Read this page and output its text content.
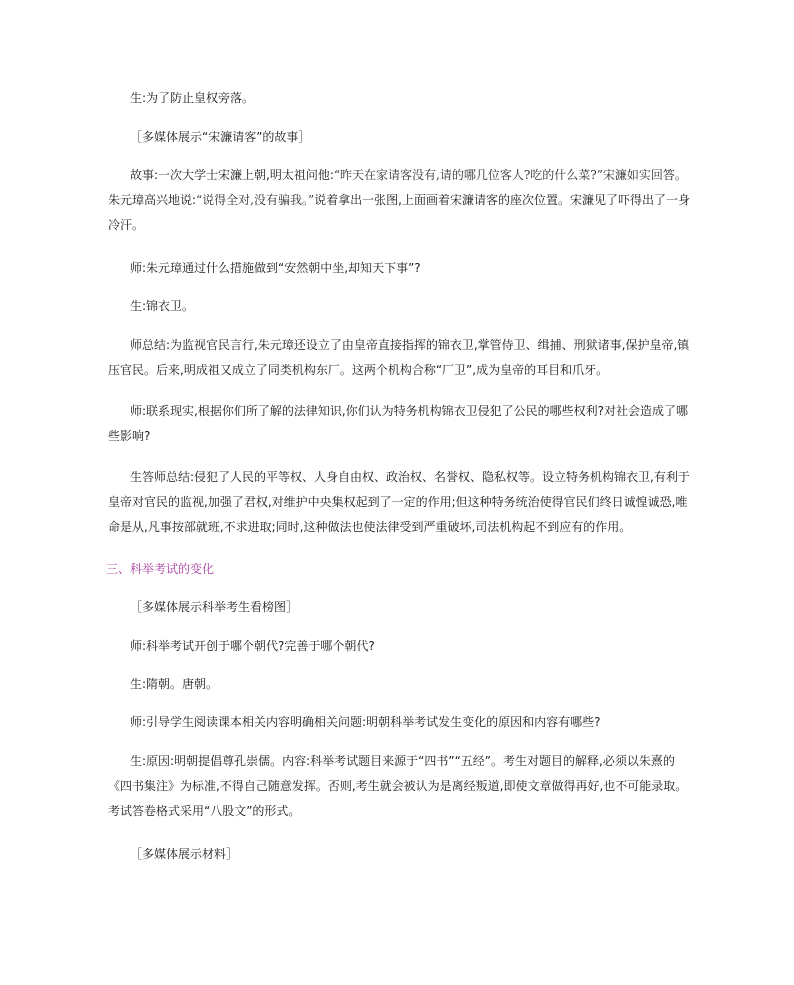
生:为了防止皇权旁落。

［多媒体展示“宋濂请客”的故事］

故事:一次大学士宋濂上朝,明太祖问他:“昨天在家请客没有,请的哪几位客人?吃的什么菜?”宋濂如实回答。朱元璋高兴地说:“说得全对,没有骗我。”说着拿出一张图,上面画着宋濂请客的座次位置。宋濂见了吓得出了一身冷汗。

师:朱元璋通过什么措施做到“安然朝中坐,却知天下事”?

生:锦衣卫。

师总结:为监视官民言行,朱元璋还设立了由皇帝直接指挥的锦衣卫,掌管侍卫、缉捕、刑狱诸事,保护皇帝,镇压官民。后来,明成祖又成立了同类机构东厂。这两个机构合称“厂卫”,成为皇帝的耳目和爪牙。

师:联系现实,根据你们所了解的法律知识,你们认为特务机构锦衣卫侵犯了公民的哪些权利?对社会造成了哪些影响?

生答师总结:侵犯了人民的平等权、人身自由权、政治权、名誉权、隐私权等。设立特务机构锦衣卫,有利于皇帝对官民的监视,加强了君权,对维护中央集权起到了一定的作用;但这种特务统治使得官民们终日诚惶诚恐,唯命是从,凡事按部就班,不求进取;同时,这种做法也使法律受到严重破坏,司法机构起不到应有的作用。

三、科举考试的变化

［多媒体展示科举考生看榜图］

师:科举考试开创于哪个朝代?完善于哪个朝代?

生:隋朝。唐朝。

师:引导学生阅读课本相关内容明确相关问题:明朝科举考试发生变化的原因和内容有哪些?

生:原因:明朝提倡尊孔崇儒。内容:科举考试题目来源于“四书”“五经”。考生对题目的解释,必须以朱熹的《四书集注》为标准,不得自己随意发挥。否则,考生就会被认为是离经叛道,即使文章做得再好,也不可能录取。考试答卷格式采用“八股文”的形式。

［多媒体展示材料］
